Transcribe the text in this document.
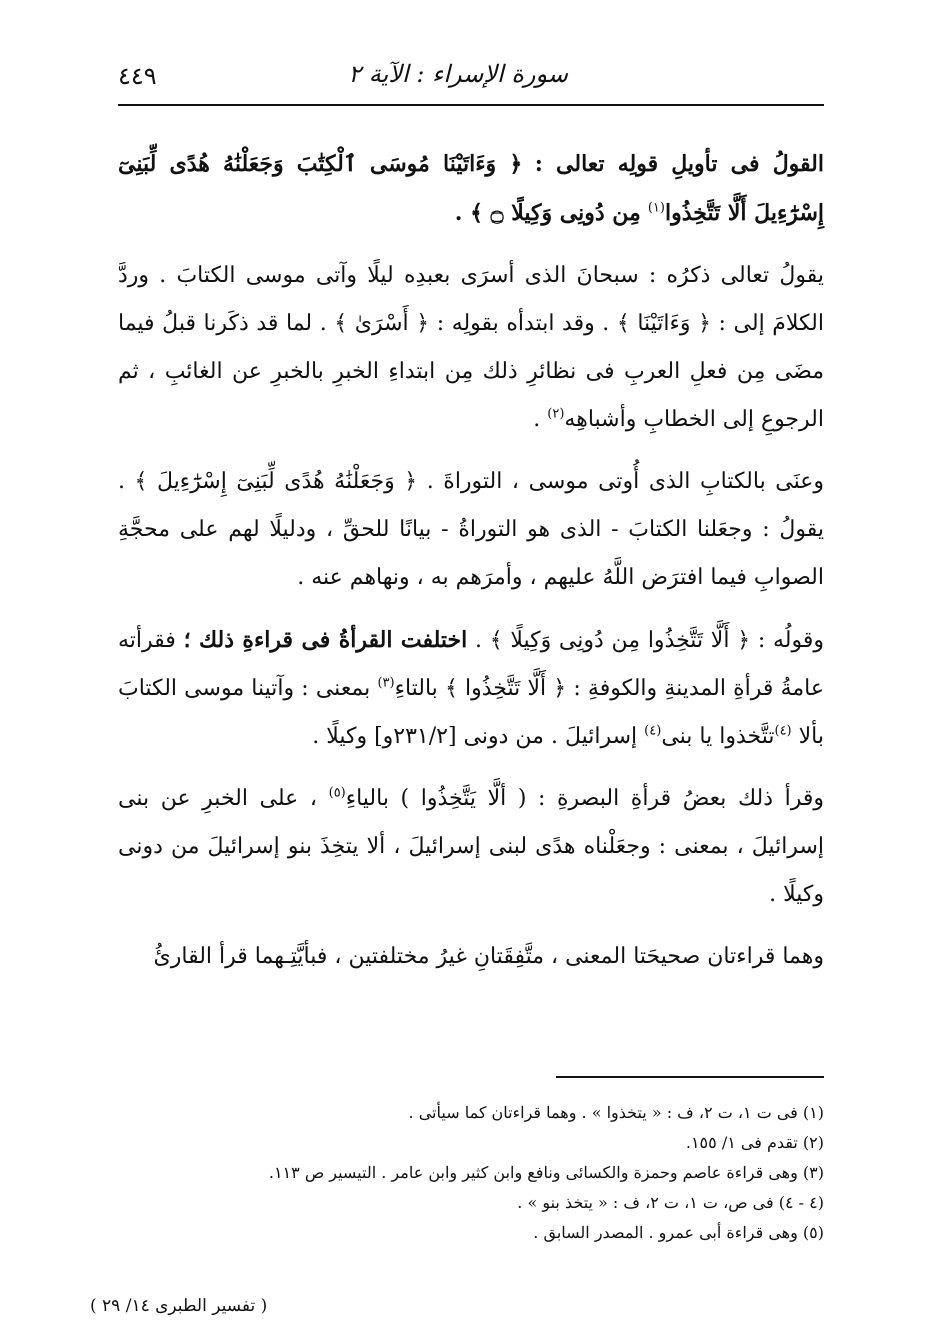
٤٤٩	سورة الإسراء : الآية ٢

القولُ فى تأويلِ قولِه تعالى : ﴿ وَءَاتَيْنَا مُوسَى ٱلْكِتَٰبَ وَجَعَلْنَٰهُ هُدًى لِّبَنِىٓ إِسْرَٰٓءِيلَ أَلَّا تَتَّخِذُوا$^{(١)}$ مِن دُونِى وَكِيلًا ۝ ﴾ .

يقولُ تعالى ذكرُه : سبحانَ الذى أسرَى بعبدِه ليلًا وآتى موسى الكتابَ . وردَّ الكلامَ إلى : ﴿ وَءَاتَيْنَا ﴾ . وقد ابتدأه بقولِه : ﴿ أَسْرَىٰ ﴾ . لما قد ذكَرنا قبلُ فيما مضَى مِن فعلِ العربِ فى نظائرِ ذلك مِن ابتداءِ الخبرِ بالخبرِ عن الغائبِ ، ثم الرجوعِ إلى الخطابِ وأشباهِه$^{(٢)}$ .

وعنَى بالكتابِ الذى أُوتى موسى ، التوراةَ . ﴿ وَجَعَلْنَٰهُ هُدًى لِّبَنِىٓ إِسْرَٰٓءِيلَ ﴾ . يقولُ : وجعَلنا الكتابَ - الذى هو التوراةُ - بيانًا للحقِّ ، ودليلًا لهم على محجَّةِ الصوابِ فيما افترَض اللَّهُ عليهم ، وأمرَهم به ، ونهاهم عنه .

وقولُه : ﴿ أَلَّا تَتَّخِذُوا مِن دُونِى وَكِيلًا ﴾ . اختلفت القرأةُ فى قراءةِ ذلك ؛ فقرأته عامةُ قرأةِ المدينةِ والكوفةِ : ﴿ أَلَّا تَتَّخِذُوا ﴾ بالتاءِ$^{(٣)}$ بمعنى : وآتينا موسى الكتابَ بألا $^{(٤)}$تتَّخذوا يا بنى$^{(٤)}$ إسرائيلَ . من دونى [٢٣١/٢و] وكيلًا .

وقرأ ذلك بعضُ قرأةِ البصرةِ : ( ألَّا يَتَّخِذُوا ) بالياءِ$^{(٥)}$ ، على الخبرِ عن بنى إسرائيلَ ، بمعنى : وجعَلْناه هدًى لبنى إسرائيلَ ، ألا يتخِذَ بنو إسرائيلَ من دونى وكيلًا .

وهما قراءتان صحيحَتا المعنى ، متَّفِقَتانِ غيرُ مختلفتين ، فبأيَّتِـهما قرأ القارئُ

(١) فى ت ١، ت ٢، ف : « يتخذوا » . وهما قراءتان كما سيأتى .

(٢) تقدم فى ١/ ١٥٥.

(٣) وهى قراءة عاصم وحمزة والكسائى ونافع وابن كثير وابن عامر . التيسير ص ١١٣.

(٤ - ٤) فى ص، ت ١، ت ٢، ف : « يتخذ بنو » .

(٥) وهى قراءة أبى عمرو . المصدر السابق .

( تفسير الطبرى ١٤/ ٢٩ )
